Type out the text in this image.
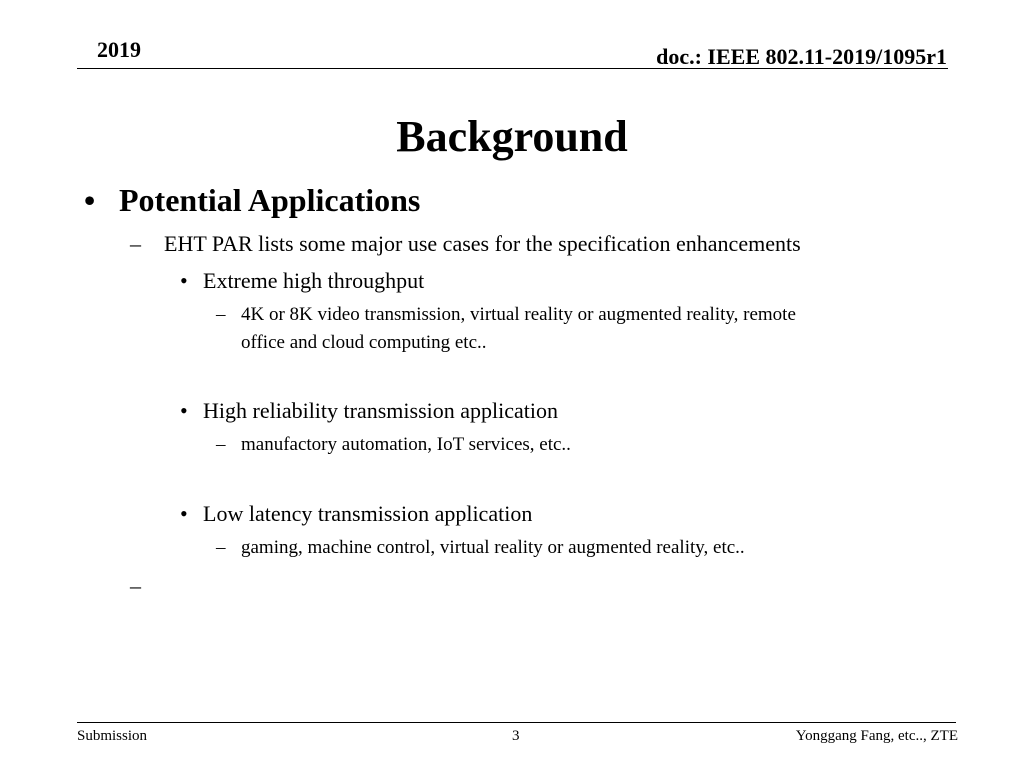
2019	doc.: IEEE 802.11-2019/1095r1
Background
• Potential Applications
– EHT PAR lists some major use cases for the specification enhancements
• Extreme high throughput
– 4K or 8K video transmission, virtual reality or augmented reality, remote
office and cloud computing etc..
• High reliability transmission application
– manufactory automation, IoT services, etc..
• Low latency transmission application
– gaming, machine control, virtual reality or augmented reality, etc..
–
Submission	3	Yonggang Fang, etc.., ZTE
